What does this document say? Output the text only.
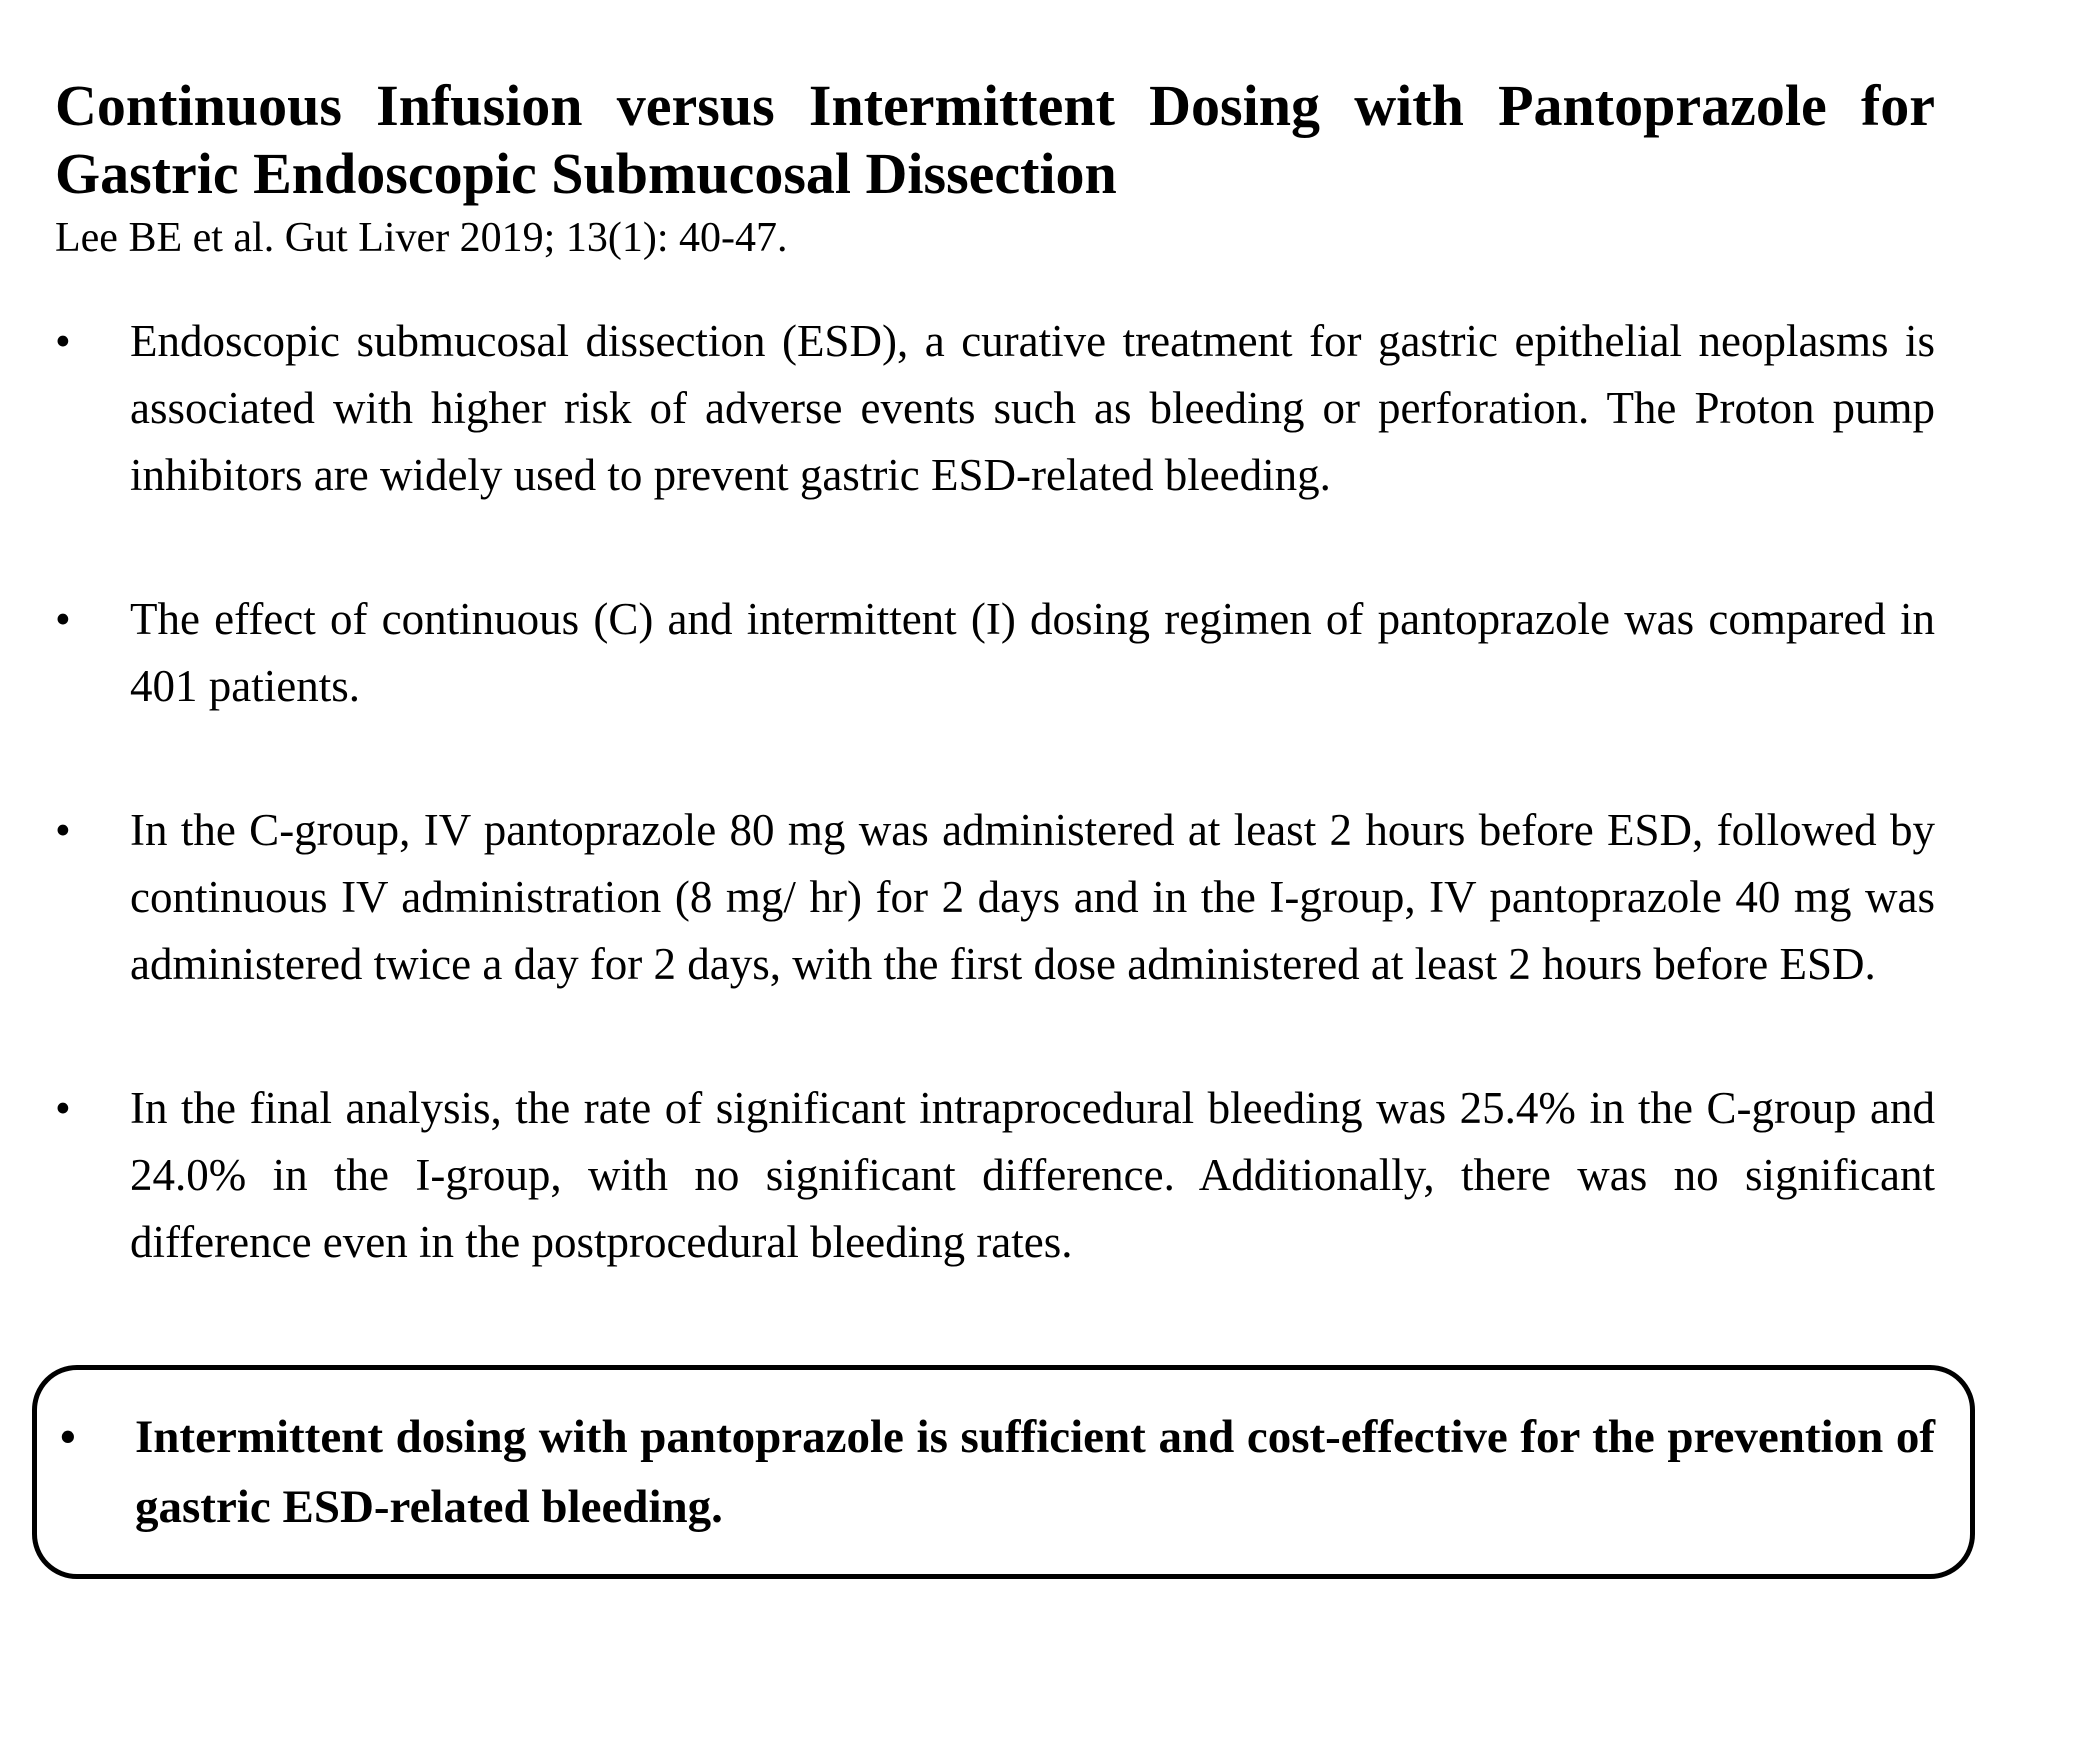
Continuous Infusion versus Intermittent Dosing with Pantoprazole for
Gastric Endoscopic Submucosal Dissection
Lee BE et al. Gut Liver 2019; 13(1): 40-47.
•	Endoscopic submucosal dissection (ESD), a curative treatment for gastric epithelial neoplasms is associated with higher risk of adverse events such as bleeding or perforation. The Proton pump inhibitors are widely used to prevent gastric ESD-related bleeding.
•	The effect of continuous (C) and intermittent (I) dosing regimen of pantoprazole was compared in 401 patients.
•	In the C-group, IV pantoprazole 80 mg was administered at least 2 hours before ESD, followed by continuous IV administration (8 mg/ hr) for 2 days and in the I-group, IV pantoprazole 40 mg was administered twice a day for 2 days, with the first dose administered at least 2 hours before ESD.
•	In the final analysis, the rate of significant intraprocedural bleeding was 25.4% in the C-group and 24.0% in the I-group, with no significant difference. Additionally, there was no significant difference even in the postprocedural bleeding rates.
•	Intermittent dosing with pantoprazole is sufficient and cost-effective for the prevention of gastric ESD-related bleeding.
